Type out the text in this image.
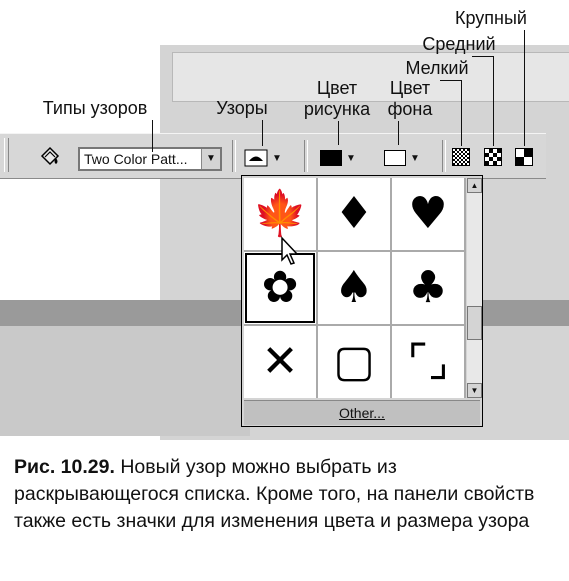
Two Color Patt...	▼	▼	▼	▼
Типы узоров	Узоры
Цвет
рисунка
Цвет
фона
Мелкий
Средний
Крупный
🍁 ♦ ♥
✿ ♠ ♣
✕ ▢ ⌜⌟
▲
▼
Other...
Рис. 10.29. Новый узор можно выбрать из раскрывающегося списка. Кроме того, на панели свойств также есть значки для изменения цвета и размера узора
